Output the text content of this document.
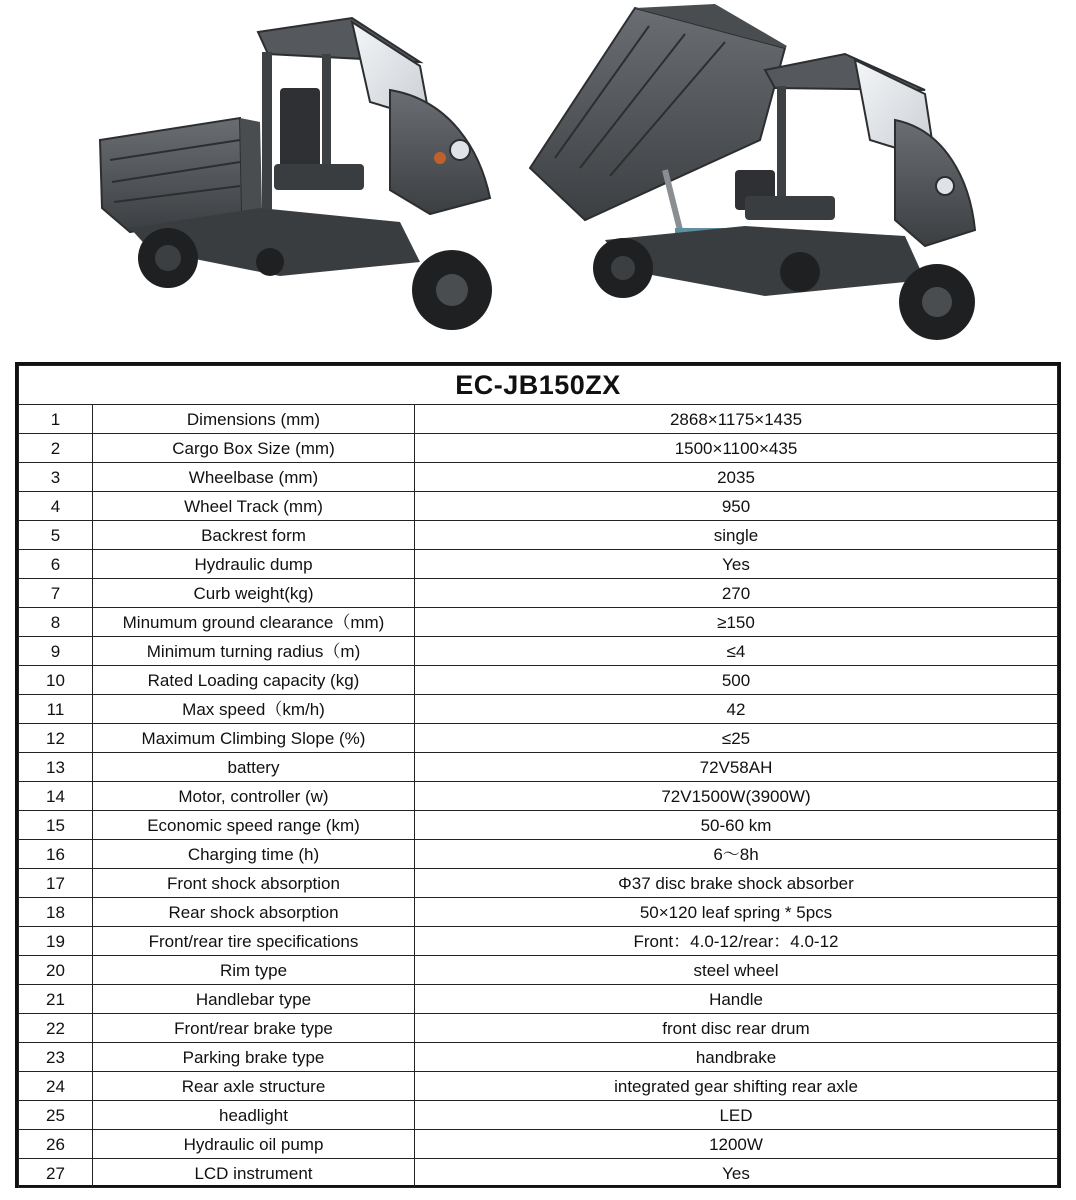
EC-JB150ZX		
1	Dimensions (mm)	2868×1175×1435
2	Cargo Box Size (mm)	1500×1100×435
3	Wheelbase (mm)	2035
4	Wheel Track (mm)	950
5	Backrest form	single
6	Hydraulic dump	Yes
7	Curb weight(kg)	270
8	Minumum ground clearance（mm)	≥150
9	Minimum turning radius（m)	≤4
10	Rated Loading capacity (kg)	500
11	Max speed（km/h)	42
12	Maximum Climbing Slope (%)	≤25
13	battery	72V58AH
14	Motor, controller (w)	72V1500W(3900W)
15	Economic speed range (km)	50-60 km
16	Charging time (h)	6～8h
17	Front shock absorption	Φ37 disc brake shock absorber
18	Rear shock absorption	50×120 leaf spring * 5pcs
19	Front/rear tire specifications	Front：4.0-12/rear：4.0-12
20	Rim type	steel wheel
21	Handlebar type	Handle
22	Front/rear brake type	front disc rear drum
23	Parking brake type	handbrake
24	Rear axle structure	integrated gear shifting rear axle
25	headlight	LED
26	Hydraulic oil pump	1200W
27	LCD instrument	Yes
